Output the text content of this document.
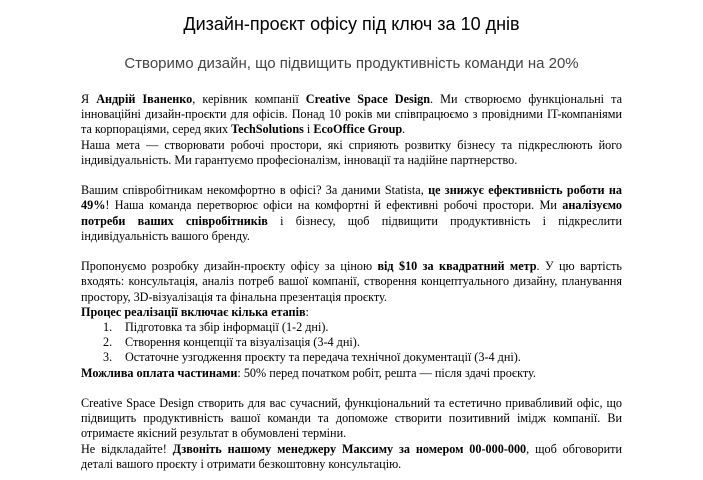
Дизайн-проєкт офісу під ключ за 10 днів
Створимо дизайн, що підвищить продуктивність команди на 20%

Я Андрій Іваненко, керівник компанії Creative Space Design. Ми створюємо функціональні та інноваційні дизайн-проєкти для офісів. Понад 10 років ми співпрацюємо з провідними IT-компаніями та корпораціями, серед яких TechSolutions і EcoOffice Group.

Наша мета — створювати робочі простори, які сприяють розвитку бізнесу та підкреслюють його індивідуальність. Ми гарантуємо професіоналізм, інновації та надійне партнерство.

Вашим співробітникам некомфортно в офісі? За даними Statista, це знижує ефективність роботи на 49%! Наша команда перетворює офіси на комфортні й ефективні робочі простори. Ми аналізуємо потреби ваших співробітників і бізнесу, щоб підвищити продуктивність і підкреслити індивідуальність вашого бренду.

Пропонуємо розробку дизайн-проєкту офісу за ціною від $10 за квадратний метр. У цю вартість входять: консультація, аналіз потреб вашої компанії, створення концептуального дизайну, планування простору, 3D-візуалізація та фінальна презентація проєкту.

Процес реалізації включає кілька етапів:

1. Підготовка та збір інформації (1-2 дні).
2. Створення концепції та візуалізація (3-4 дні).
3. Остаточне узгодження проєкту та передача технічної документації (3-4 дні).

Можлива оплата частинами: 50% перед початком робіт, решта — після здачі проєкту.

Creative Space Design створить для вас сучасний, функціональний та естетично привабливий офіс, що підвищить продуктивність вашої команди та допоможе створити позитивний імідж компанії. Ви отримаєте якісний результат в обумовлені терміни.

Не відкладайте! Дзвоніть нашому менеджеру Максиму за номером 00-000-000, щоб обговорити деталі вашого проєкту і отримати безкоштовну консультацію.
